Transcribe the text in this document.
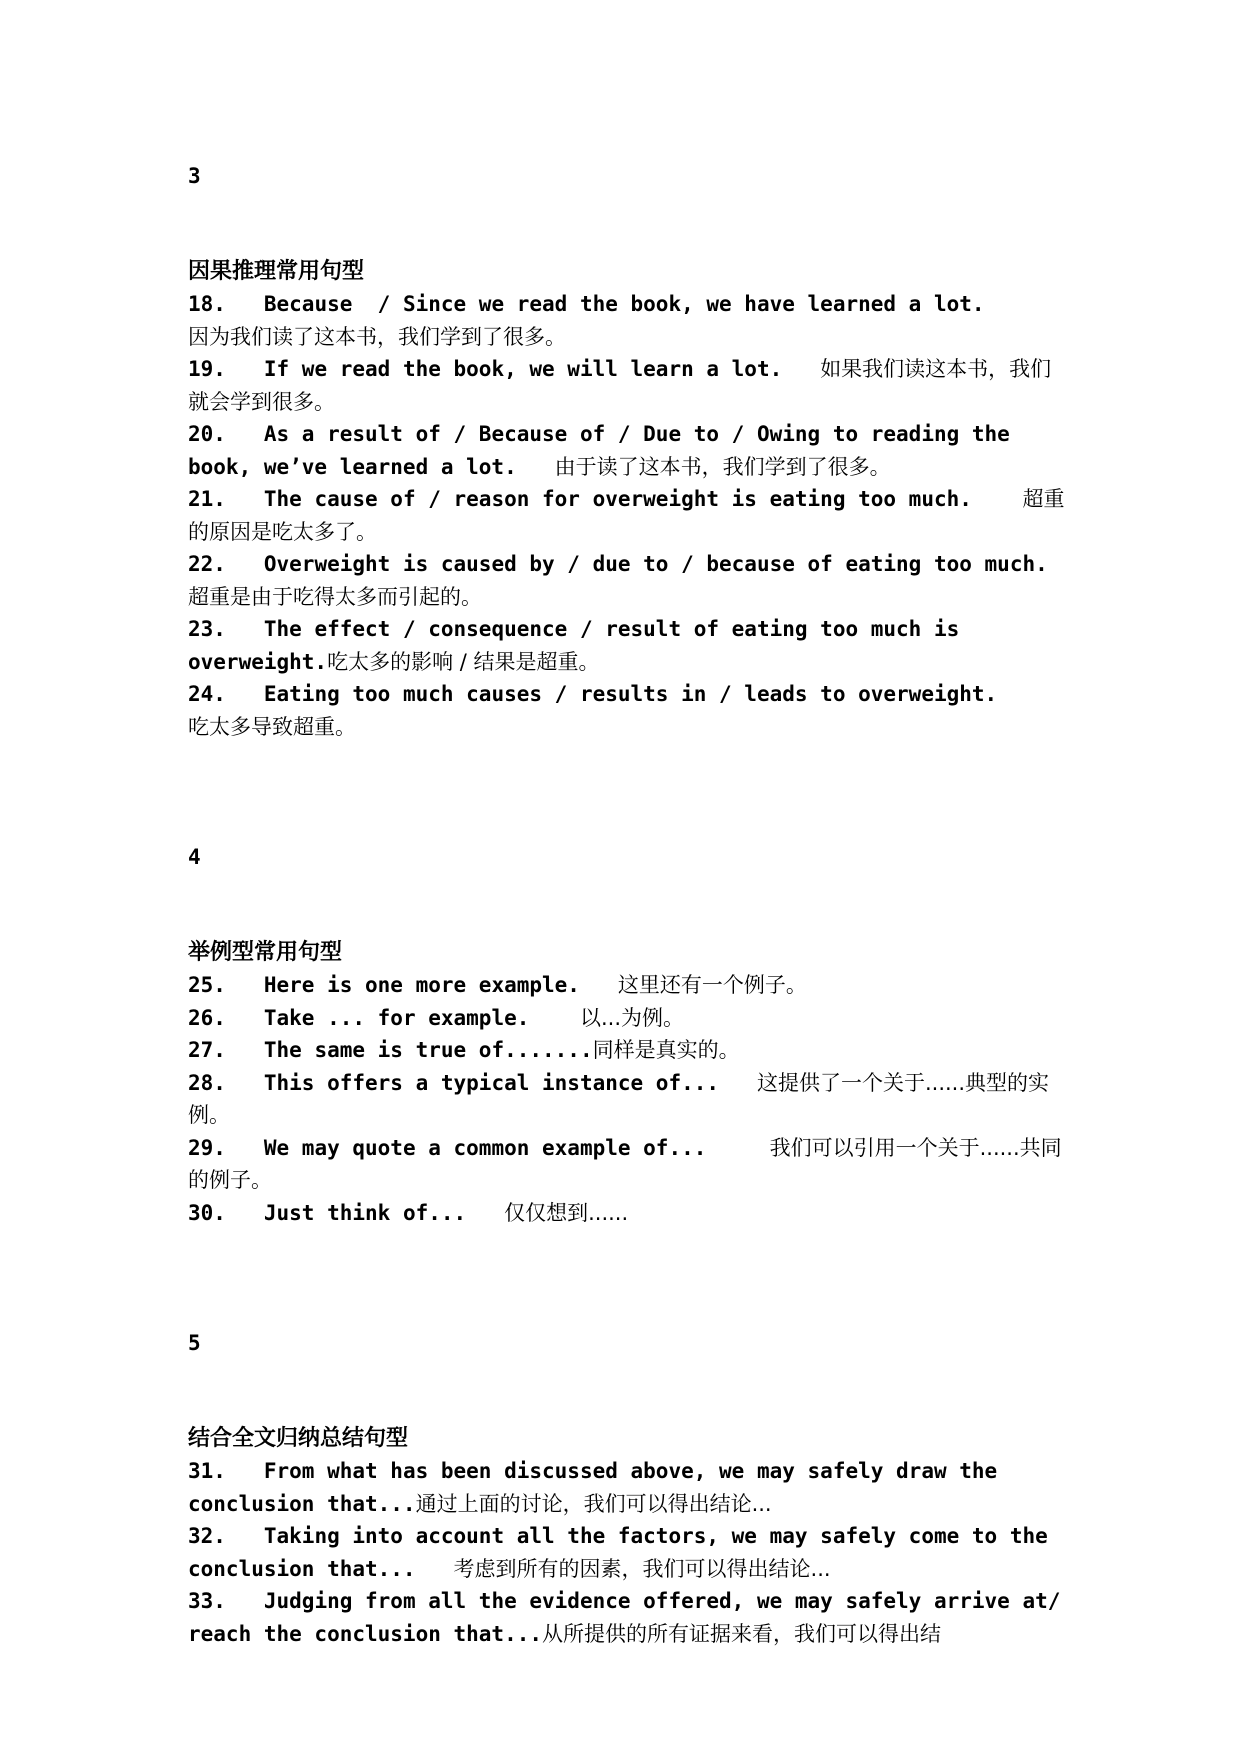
3
因果推理常用句型
18. Because  / Since we read the book, we have learned a lot.      因为我们读了这本书，我们学到了很多。
19. If we read the book, we will learn a lot. 如果我们读这本书，我们就会学到很多。
20. As a result of / Because of / Due to / Owing to reading the book, we’ve learned a lot. 由于读了这本书，我们学到了很多。
21. The cause of / reason for overweight is eating too much. 超重的原因是吃太多了。
22. Overweight is caused by / due to / because of eating too much. 超重是由于吃得太多而引起的。
23. The effect / consequence / result of eating too much is overweight.吃太多的影响 / 结果是超重。
24. Eating too much causes / results in / leads to overweight.    吃太多导致超重。
4
举例型常用句型
25. Here is one more example. 这里还有一个例子。
26. Take ... for example. 以...为例。
27. The same is true of.......同样是真实的。
28. This offers a typical instance of... 这提供了一个关于......典型的实例。
29. We may quote a common example of...	我们可以引用一个关于......共同的例子。
30. Just think of... 仅仅想到......
5
结合全文归纳总结句型
31. From what has been discussed above, we may safely draw the conclusion that...通过上面的讨论，我们可以得出结论...
32. Taking into account all the factors, we may safely come to the conclusion that... 考虑到所有的因素，我们可以得出结论...
33. Judging from all the evidence offered, we may safely arrive at/ reach the conclusion that...从所提供的所有证据来看，我们可以得出结
